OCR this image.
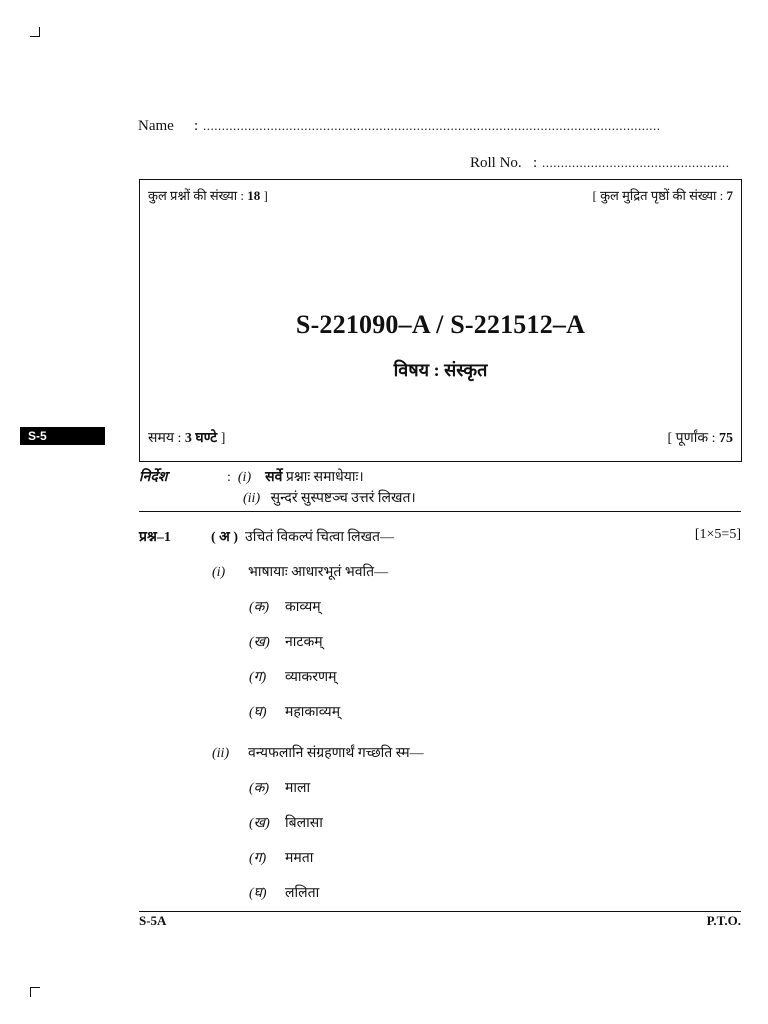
Name : ..........................................................................................................................
Roll No. : ..................................................
कुल प्रश्नों की संख्या : 18 ]	[ कुल मुद्रित पृष्ठों की संख्या : 7
S-221090–A / S-221512–A
विषय : संस्कृत
समय : 3 घण्टे ]	[ पूर्णांक : 75
S-5
निर्देश	: (i) सर्वे प्रश्नाः समाधेयाः।
(ii) सुन्दरं सुस्पष्टञ्च उत्तरं लिखत।
प्रश्न–1	( अ ) उचितं विकल्पं चित्वा लिखत—	[1×5=5]
(i) भाषायाः आधारभूतं भवति—
(क) काव्यम्
(ख) नाटकम्
(ग) व्याकरणम्
(घ) महाकाव्यम्
(ii) वन्यफलानि संग्रहणार्थं गच्छति स्म—
(क) माला
(ख) बिलासा
(ग) ममता
(घ) ललिता
S-5A	P.T.O.
